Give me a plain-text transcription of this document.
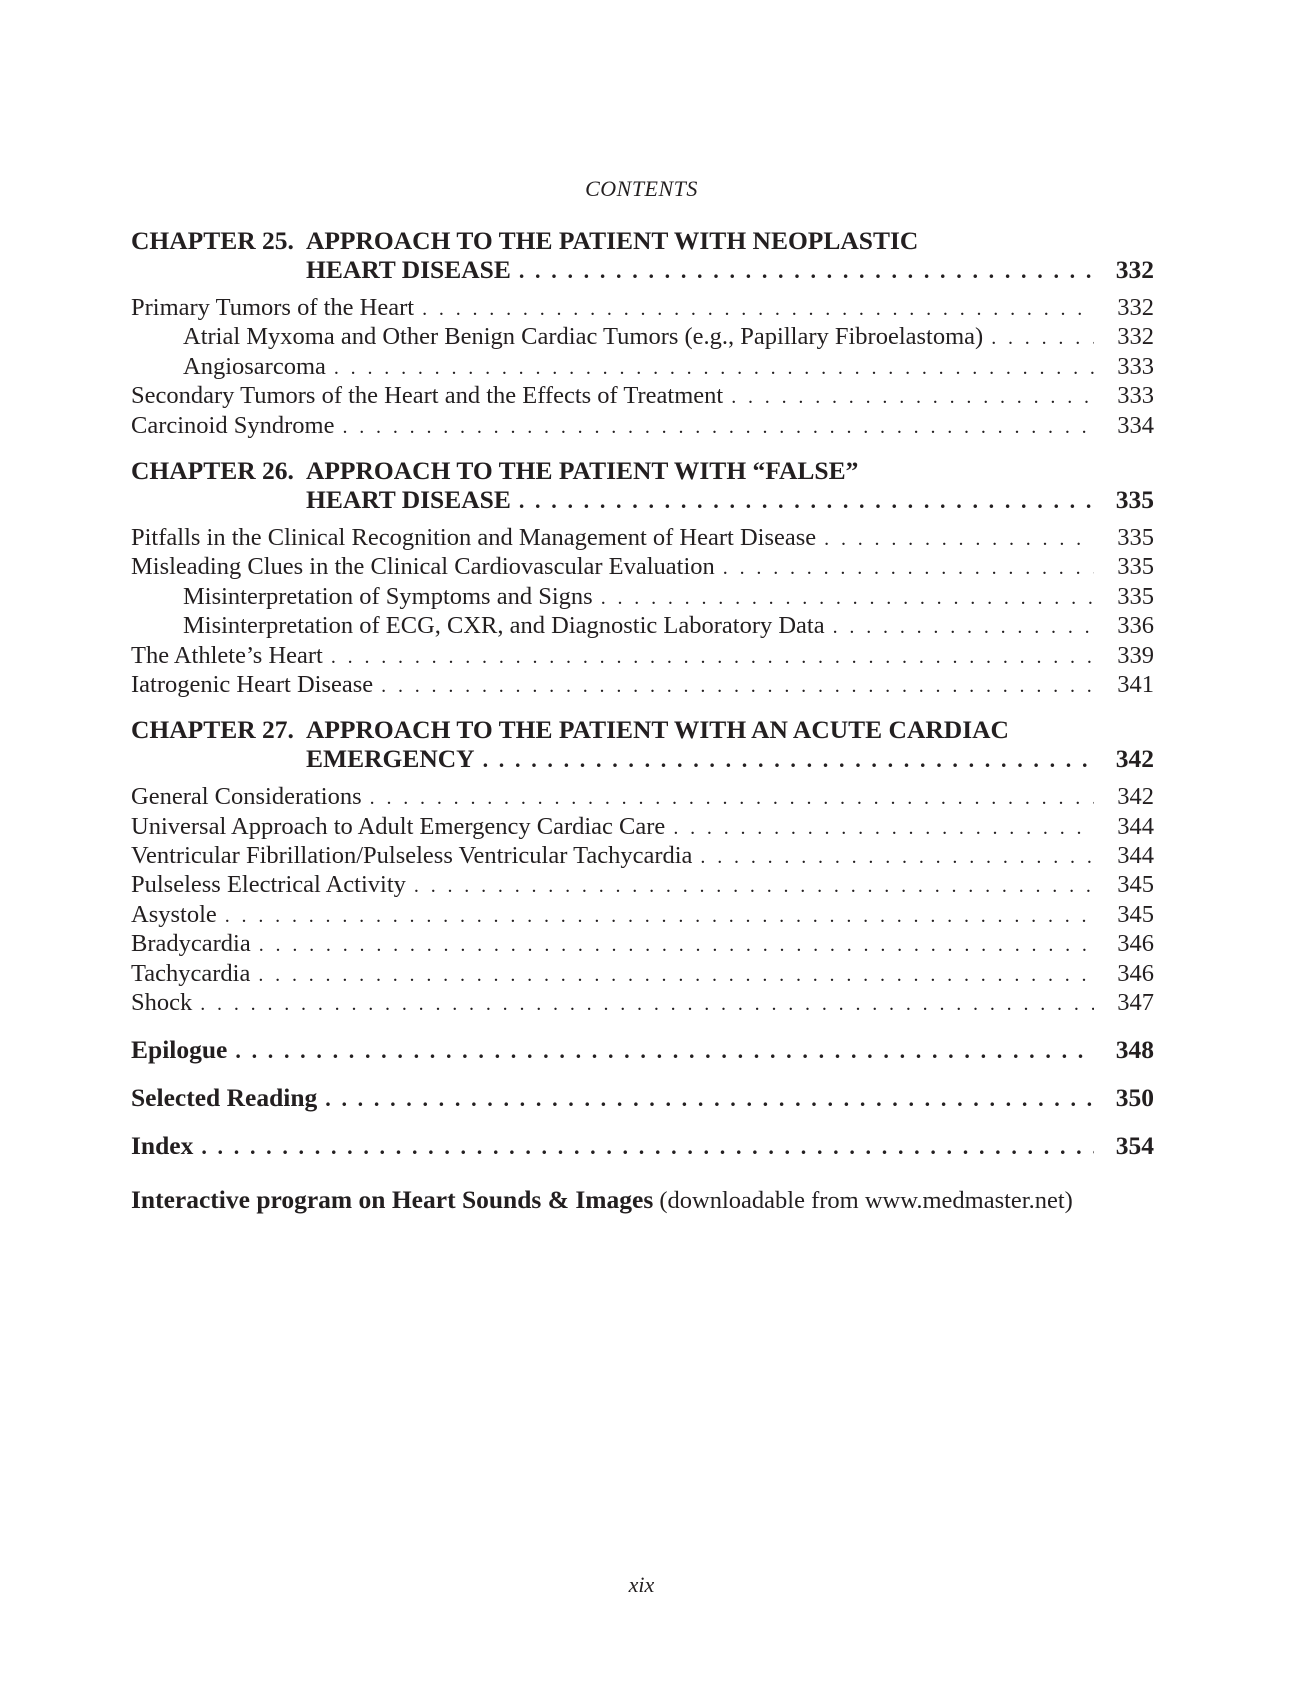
CONTENTS
CHAPTER 25. APPROACH TO THE PATIENT WITH NEOPLASTIC
HEART DISEASE . . .	332
Primary Tumors of the Heart . . .	332
Atrial Myxoma and Other Benign Cardiac Tumors (e.g., Papillary Fibroelastoma) . . .	332
Angiosarcoma . . .	333
Secondary Tumors of the Heart and the Effects of Treatment . . .	333
Carcinoid Syndrome . . .	334
CHAPTER 26. APPROACH TO THE PATIENT WITH “FALSE”
HEART DISEASE . . .	335
Pitfalls in the Clinical Recognition and Management of Heart Disease . . .	335
Misleading Clues in the Clinical Cardiovascular Evaluation . . .	335
Misinterpretation of Symptoms and Signs . . .	335
Misinterpretation of ECG, CXR, and Diagnostic Laboratory Data . . .	336
The Athlete’s Heart . . .	339
Iatrogenic Heart Disease . . .	341
CHAPTER 27. APPROACH TO THE PATIENT WITH AN ACUTE CARDIAC
EMERGENCY . . .	342
General Considerations . . .	342
Universal Approach to Adult Emergency Cardiac Care . . .	344
Ventricular Fibrillation/Pulseless Ventricular Tachycardia . . .	344
Pulseless Electrical Activity . . .	345
Asystole . . .	345
Bradycardia . . .	346
Tachycardia . . .	346
Shock . . .	347
Epilogue . . .	348
Selected Reading . . .	350
Index . . .	354
Interactive program on Heart Sounds & Images (downloadable from www.medmaster.net)
xix
